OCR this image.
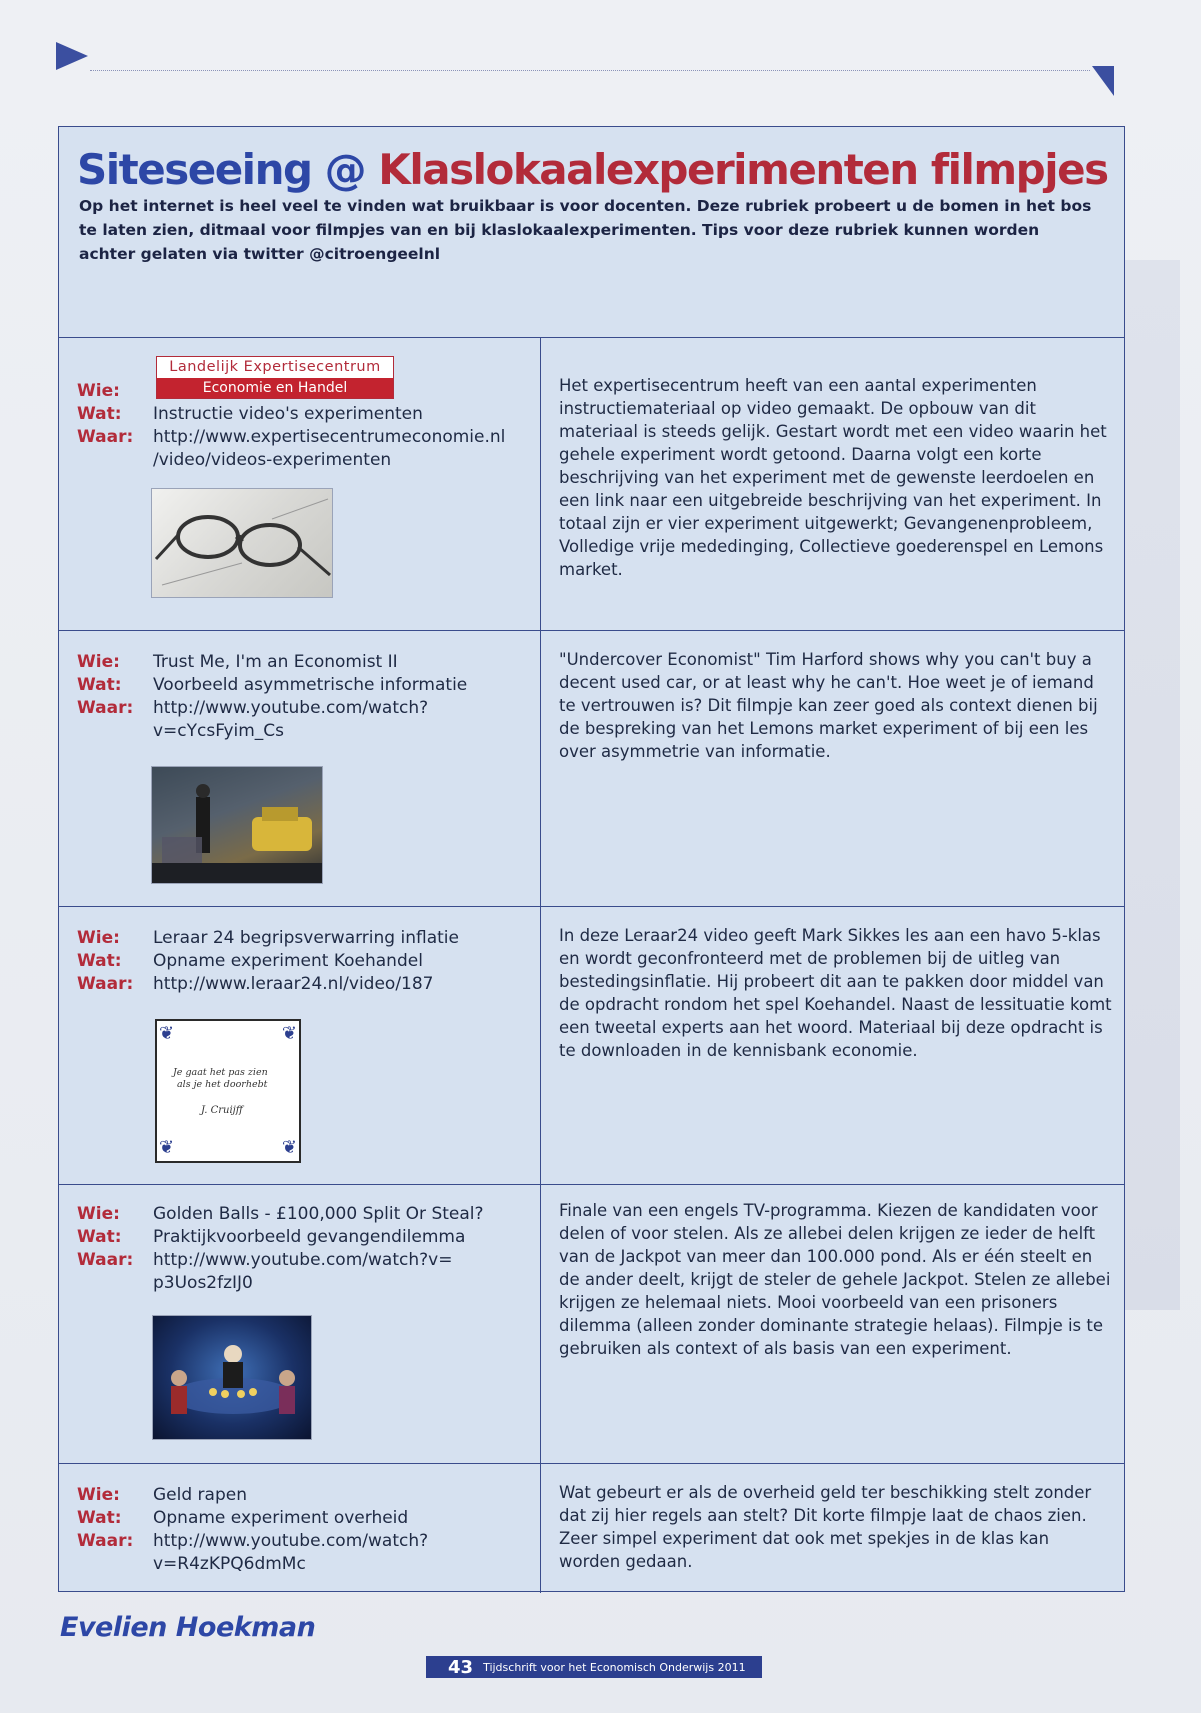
Siteseeing @ Klaslokaalexperimenten filmpjes
Op het internet is heel veel te vinden wat bruikbaar is voor docenten. Deze rubriek probeert u de bomen in het bos te laten zien, ditmaal voor filmpjes van en bij klaslokaalexperimenten. Tips voor deze rubriek kunnen worden achter gelaten via twitter @citroengeelnl
Landelijk Expertisecentrum
Economie en Handel
Wie:
Wat:	Instructie video's experimenten
Waar:	http://www.expertisecentrumeconomie.nl
/video/videos-experimenten
Het expertisecentrum heeft van een aantal experimenten instructiemateriaal op video gemaakt. De opbouw van dit materiaal is steeds gelijk. Gestart wordt met een video waarin het gehele experiment wordt getoond. Daarna volgt een korte beschrijving van het experiment met de gewenste leerdoelen en een link naar een uitgebreide beschrijving van het experiment. In totaal zijn er vier experiment uitgewerkt; Gevangenenprobleem, Volledige vrije mededinging, Collectieve goederenspel en Lemons market.
Wie:	Trust Me, I'm an Economist II
Wat:	Voorbeeld asymmetrische informatie
Waar:	http://www.youtube.com/watch?
v=cYcsFyim_Cs
"Undercover Economist" Tim Harford shows why you can't buy a decent used car, or at least why he can't. Hoe weet je of iemand te vertrouwen is? Dit filmpje kan zeer goed als context dienen bij de bespreking van het Lemons market experiment of bij een les over asymmetrie van informatie.
Wie:	Leraar 24 begripsverwarring inflatie
Wat:	Opname experiment Koehandel
Waar:	http://www.leraar24.nl/video/187
❦	❦
❦	❦
Je gaat het pas zien
als je het doorhebt
J. Cruijff
In deze Leraar24 video geeft Mark Sikkes les aan een havo 5-klas en wordt geconfronteerd met de problemen bij de uitleg van bestedingsinflatie. Hij probeert dit aan te pakken door middel van de opdracht rondom het spel Koehandel. Naast de lessituatie komt een tweetal experts aan het woord. Materiaal bij deze opdracht is te downloaden in de kennisbank economie.
Wie:	Golden Balls - £100,000 Split Or Steal?
Wat:	Praktijkvoorbeeld gevangendilemma
Waar:	http://www.youtube.com/watch?v=
p3Uos2fzIJ0
Finale van een engels TV-programma. Kiezen de kandidaten voor delen of voor stelen. Als ze allebei delen krijgen ze ieder de helft van de Jackpot van meer dan 100.000 pond. Als er één steelt en de ander deelt, krijgt de steler de gehele Jackpot. Stelen ze allebei krijgen ze helemaal niets. Mooi voorbeeld van een prisoners dilemma (alleen zonder dominante strategie helaas). Filmpje is te gebruiken als context of als basis van een experiment.
Wie:	Geld rapen
Wat:	Opname experiment overheid
Waar:	http://www.youtube.com/watch?
v=R4zKPQ6dmMc
Wat gebeurt er als de overheid geld ter beschikking stelt zonder dat zij hier regels aan stelt? Dit korte filmpje laat de chaos zien. Zeer simpel experiment dat ook met spekjes in de klas kan worden gedaan.
Evelien Hoekman
43 Tijdschrift voor het Economisch Onderwijs 2011
